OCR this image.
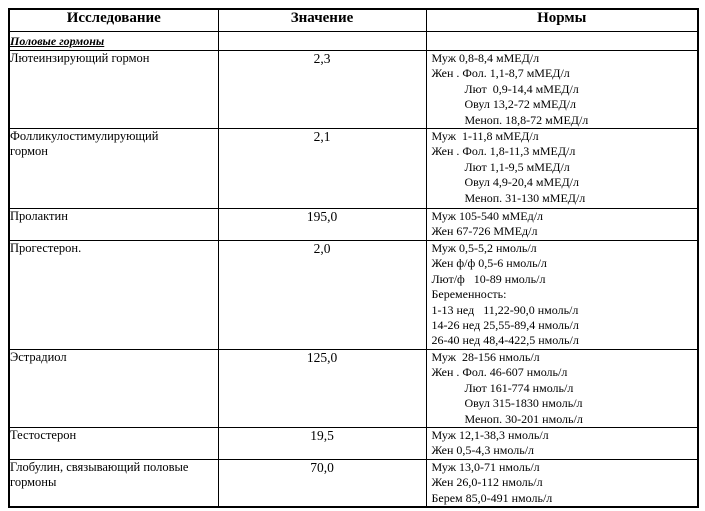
Исследование	Значение	Нормы
Половые гормоны		

Лютеинзирующий гормон	2,3	Муж 0,8-8,4 мМЕД/л
Жен . Фол. 1,1-8,7 мМЕД/л
Лют  0,9-14,4 мМЕД/л
Овул 13,2-72 мМЕД/л
Меноп. 18,8-72 мМЕД/л

Фолликулостимулирующий
гормон
	2,1	Муж  1-11,8 мМЕД/л
Жен . Фол. 1,8-11,3 мМЕД/л
Лют 1,1-9,5 мМЕД/л
Овул 4,9-20,4 мМЕД/л
Меноп. 31-130 мМЕД/л

Пролактин	195,0	Муж 105-540 мМЕд/л
Жен 67-726 ММЕд/л

Прогестерон.	2,0	Муж 0,5-5,2 нмоль/л
Жен ф/ф 0,5-6 нмоль/л
Лют/ф   10-89 нмоль/л
Беременность:
1-13 нед   11,22-90,0 нмоль/л
14-26 нед 25,55-89,4 нмоль/л
26-40 нед 48,4-422,5 нмоль/л

Эстрадиол	125,0	Муж  28-156 нмоль/л
Жен . Фол. 46-607 нмоль/л
Лют 161-774 нмоль/л
Овул 315-1830 нмоль/л
Меноп. 30-201 нмоль/л

Тестостерон	19,5	Муж 12,1-38,3 нмоль/л
Жен 0,5-4,3 нмоль/л

Глобулин, связывающий половые
гормоны
	70,0	Муж 13,0-71 нмоль/л
Жен 26,0-112 нмоль/л
Берем 85,0-491 нмоль/л
